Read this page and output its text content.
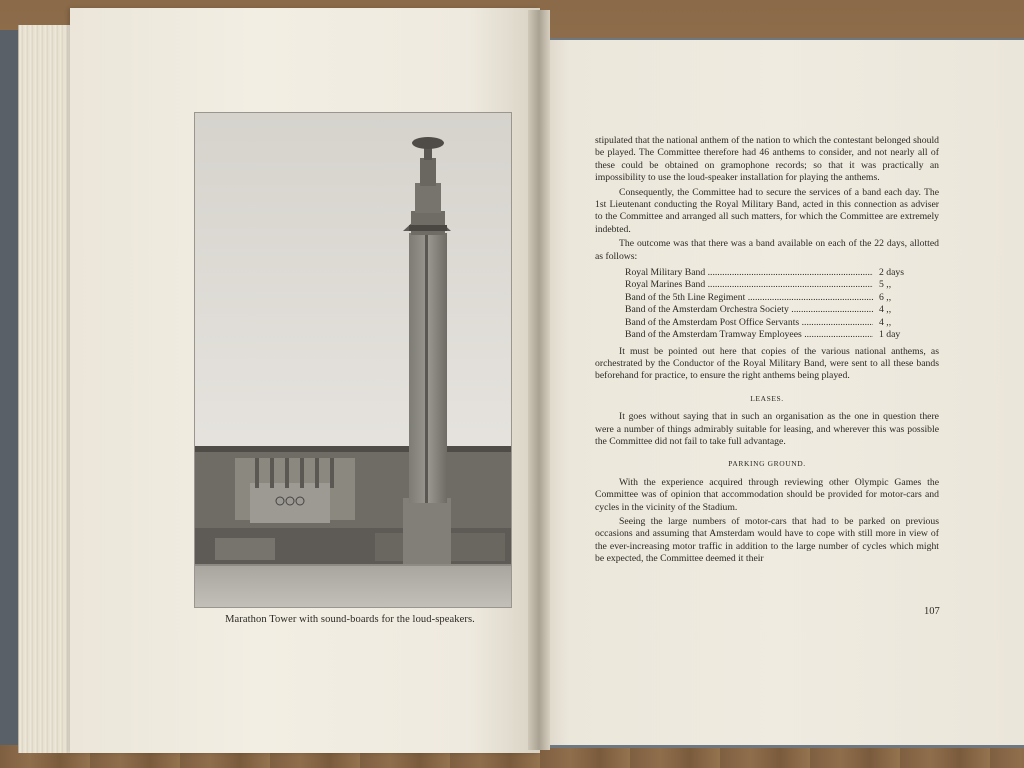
Marathon Tower with sound-boards for the loud-speakers.

stipulated that the national anthem of the nation to which the contestant belonged should be played. The Committee therefore had 46 anthems to consider, and not nearly all of these could be obtained on gramophone records; so that it was practically an impossibility to use the loud-speaker installation for playing the anthems.

Consequently, the Committee had to secure the services of a band each day. The 1st Lieutenant conducting the Royal Military Band, acted in this connection as adviser to the Committee and arranged all such matters, for which the Committee are extremely indebted.

The outcome was that there was a band available on each of the 22 days, allotted as follows:

Royal Military Band .....	2 days
Royal Marines Band .....	5 ,,
Band of the 5th Line Regiment .....	6 ,,
Band of the Amsterdam Orchestra Society .....	4 ,,
Band of the Amsterdam Post Office Servants .....	4 ,,
Band of the Amsterdam Tramway Employees .....	1 day

It must be pointed out here that copies of the various national anthems, as orchestrated by the Conductor of the Royal Military Band, were sent to all these bands beforehand for practice, to ensure the right anthems being played.

LEASES.

It goes without saying that in such an organisation as the one in question there were a number of things admirably suitable for leasing, and wherever this was possible the Committee did not fail to take full advantage.

PARKING GROUND.

With the experience acquired through reviewing other Olympic Games the Committee was of opinion that accommodation should be provided for motor-cars and cycles in the vicinity of the Stadium.

Seeing the large numbers of motor-cars that had to be parked on previous occasions and assuming that Amsterdam would have to cope with still more in view of the ever-increasing motor traffic in addition to the large number of cycles which might be expected, the Committee deemed it their

107
